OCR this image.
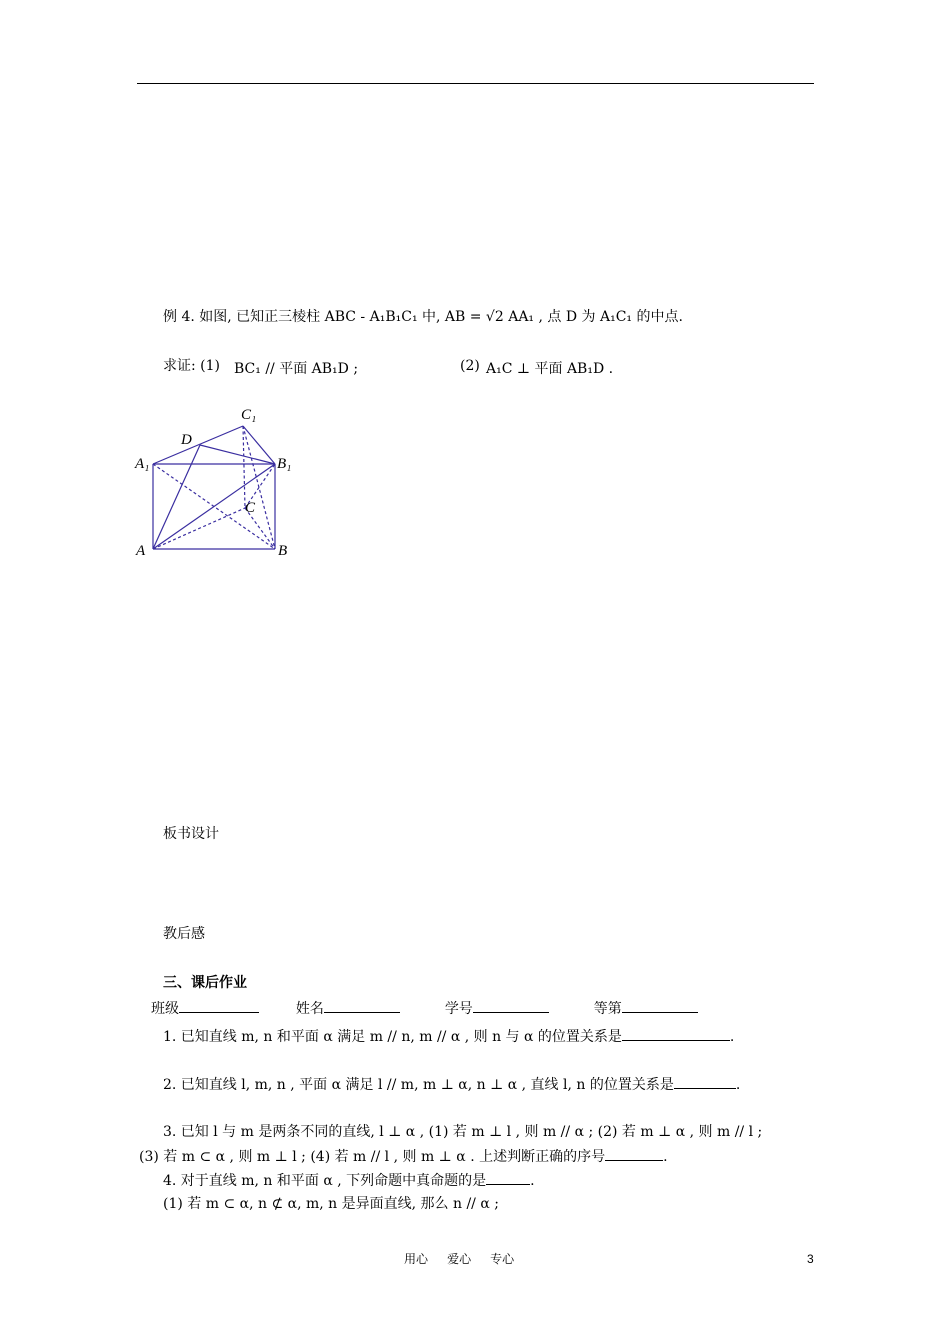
例 4. 如图, 已知正三棱柱 ABC - A₁B₁C₁ 中, AB = √2 AA₁ , 点 D 为 A₁C₁ 的中点.
求证: (1) BC₁ // 平面 AB₁D ;	(2) A₁C ⊥ 平面 AB₁D .
C₁
D
A₁	B₁
C
A	B
板书设计
教后感
三、课后作业
班级	姓名	学号	等第
1. 已知直线 m, n 和平面 α 满足 m // n, m // α , 则 n 与 α 的位置关系是	.
2. 已知直线 l, m, n , 平面 α 满足 l // m, m ⊥ α, n ⊥ α , 直线 l, n 的位置关系是	.
3. 已知 l 与 m 是两条不同的直线, l ⊥ α , (1) 若 m ⊥ l , 则 m // α ; (2) 若 m ⊥ α , 则 m // l ;
(3) 若 m ⊂ α , 则 m ⊥ l ; (4) 若 m // l , 则 m ⊥ α . 上述判断正确的序号	.
4. 对于直线 m, n 和平面 α , 下列命题中真命题的是	.
(1) 若 m ⊂ α, n ⊄ α, m, n 是异面直线, 那么 n // α ;
用心     爱心     专心	3
